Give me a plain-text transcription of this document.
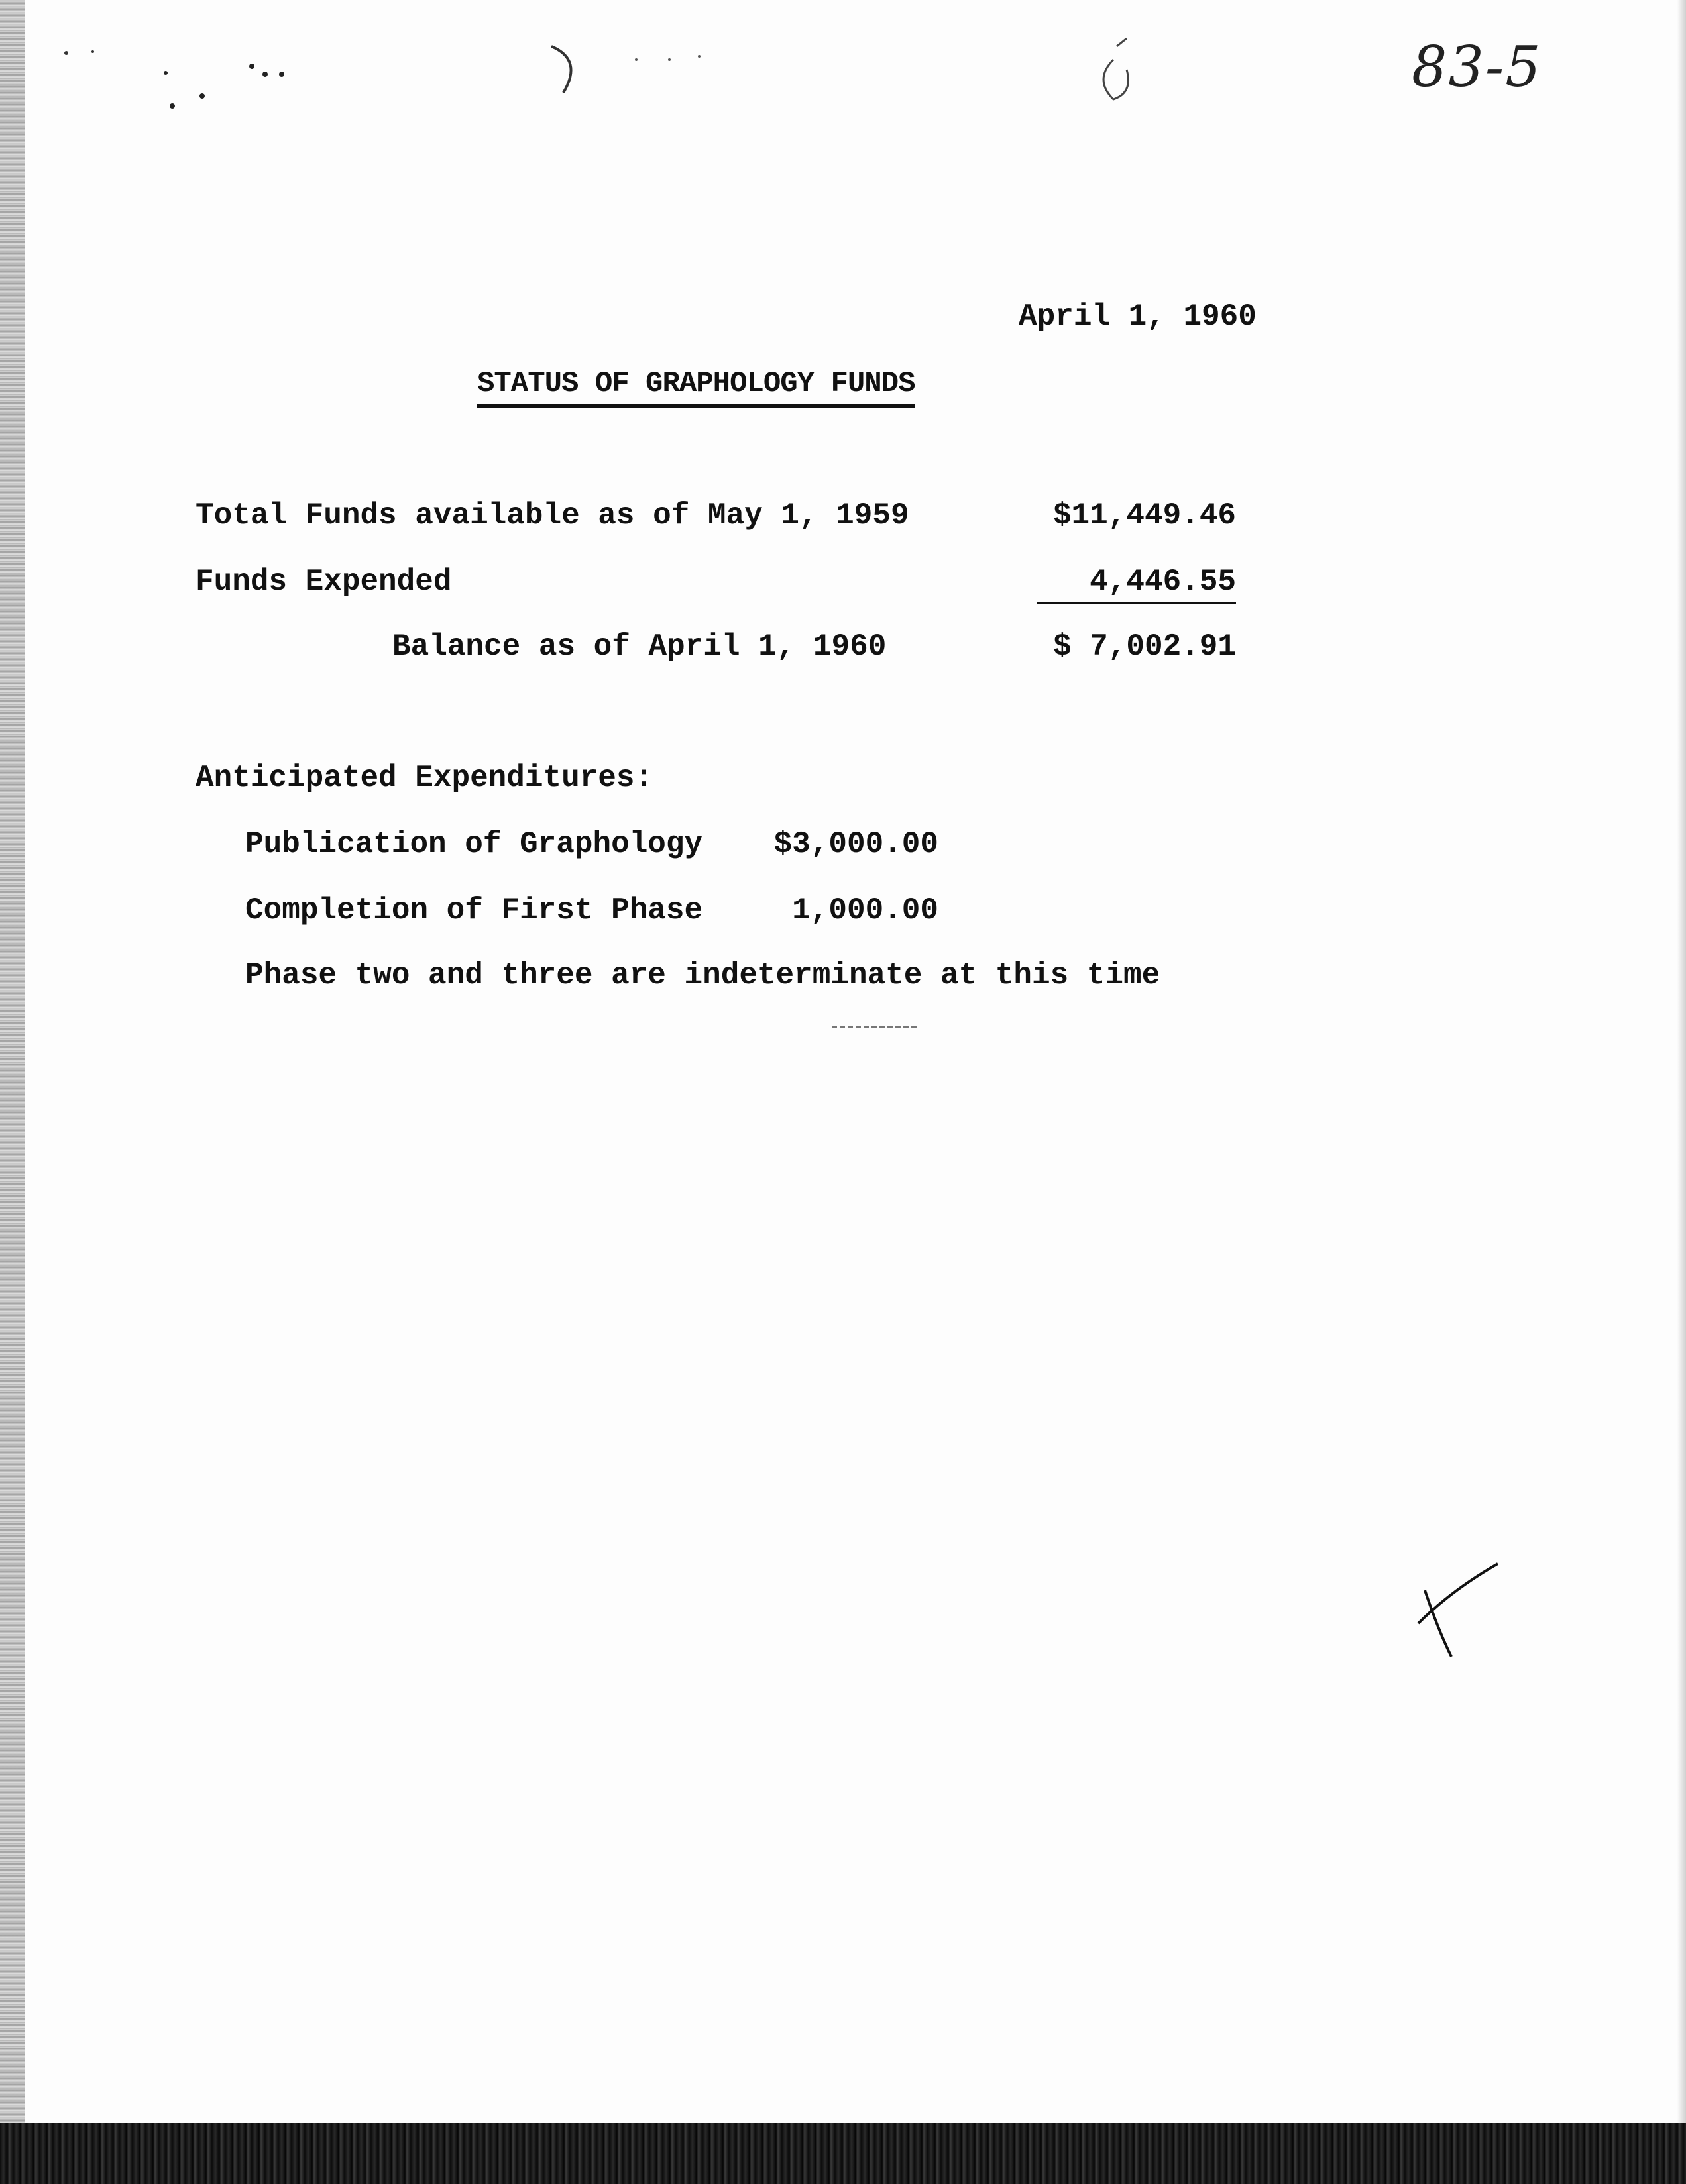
83-5
April 1, 1960
STATUS OF GRAPHOLOGY FUNDS
Total Funds available as of May 1, 1959	$11,449.46
Funds Expended	4,446.55
Balance as of April 1, 1960	$ 7,002.91
Anticipated Expenditures:
Publication of Graphology	$3,000.00
Completion of First Phase	1,000.00
Phase two and three are indeterminate at this time
